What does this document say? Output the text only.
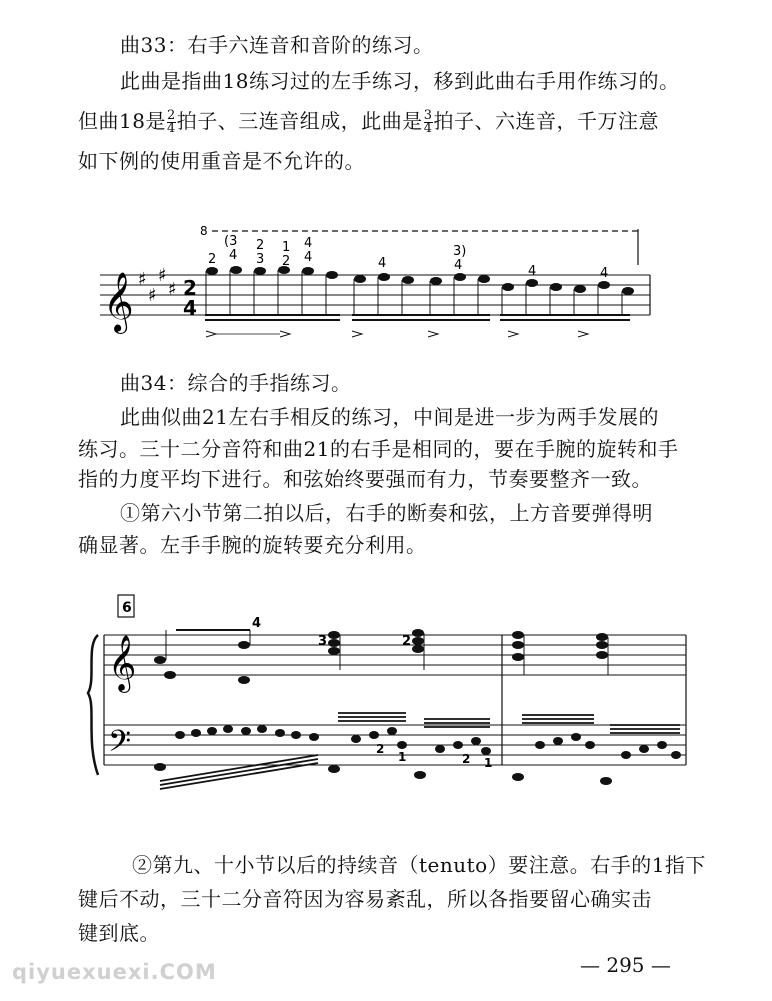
曲33：右手六连音和音阶的练习。
此曲是指曲18练习过的左手练习，移到此曲右手用作练习的。
但曲18是 $\frac{2}{4}$ 拍子、三连音组成，此曲是 $\frac{3}{4}$ 拍子、六连音，千万注意
如下例的使用重音是不允许的。
8
𝄞 ♯
♯
♯
♯ 2
4
2
(3
4
2
3
1
2
4
4	4
3)
4	4	4
曲34：综合的手指练习。
此曲似曲21左右手相反的练习，中间是进一步为两手发展的
练习。三十二分音符和曲21的右手是相同的，要在手腕的旋转和手
指的力度平均下进行。和弦始终要强而有力，节奏要整齐一致。
①第六小节第二拍以后，右手的断奏和弦，上方音要弹得明
确显著。左手手腕的旋转要充分利用。
6
𝄞
𝄢
4
3	2
2
1	2 1
②第九、十小节以后的持续音（tenuto）要注意。右手的1指下
键后不动，三十二分音符因为容易紊乱，所以各指要留心确实击
键到底。
qiyuexuexi.COM	— 295 —
